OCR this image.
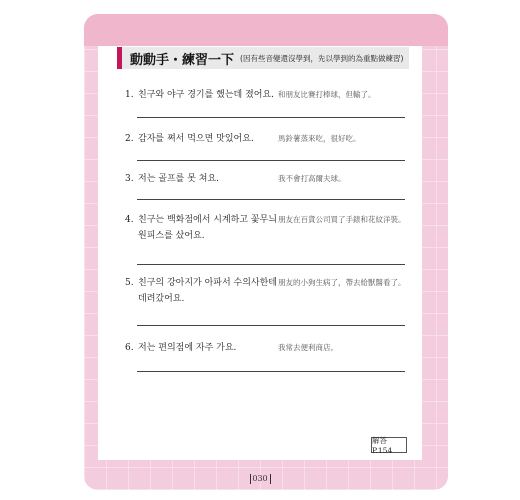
動動手・練習一下 (因有些音變還沒學到，先以學到的為重點做練習)
1. 친구와 야구 경기를 했는데 졌어요. 和朋友比賽打棒球，但輸了。
2. 감자를 쪄서 먹으면 맛있어요.	馬鈴薯蒸來吃，很好吃。
3. 저는 골프를 못 쳐요.	我不會打高爾夫球。
4. 친구는 백화점에서 시계하고 꽃무늬 원피스를 샀어요.
朋友在百貨公司買了手錶和花紋洋裝。
5. 친구의 강아지가 아파서 수의사한테 데려갔어요.
朋友的小狗生病了，帶去給獸醫看了。
6. 저는 편의점에 자주 가요.	我常去便利商店。
解答 P.154
030
